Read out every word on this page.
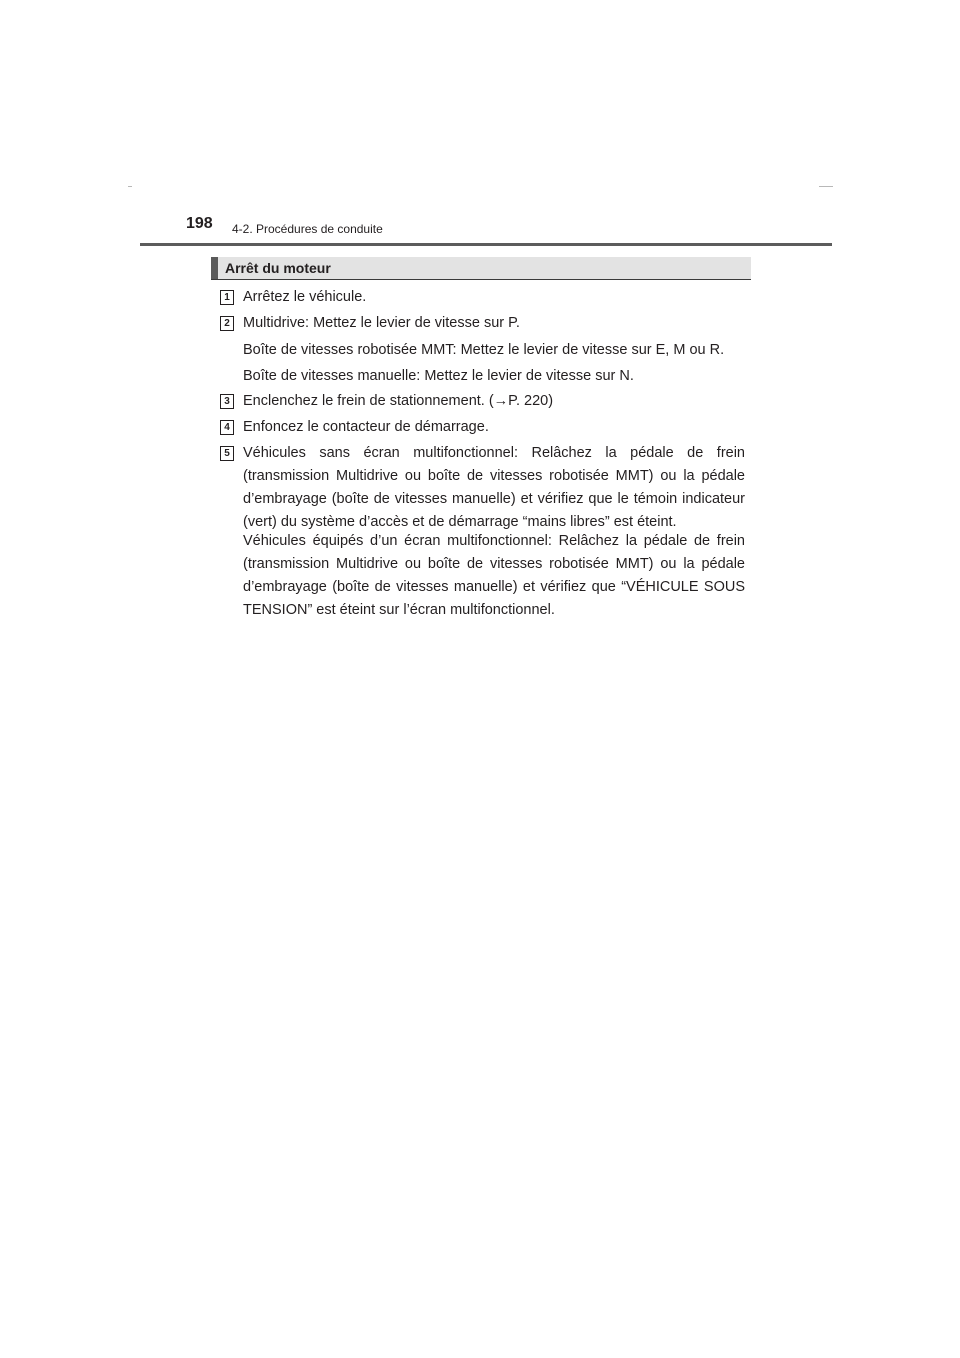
198 4-2. Procédures de conduite
Arrêt du moteur
1 Arrêtez le véhicule.
2 Multidrive: Mettez le levier de vitesse sur P.
Boîte de vitesses robotisée MMT: Mettez le levier de vitesse sur E, M ou R.
Boîte de vitesses manuelle: Mettez le levier de vitesse sur N.
3 Enclenchez le frein de stationnement. (→P. 220)
4 Enfoncez le contacteur de démarrage.
5 Véhicules sans écran multifonctionnel: Relâchez la pédale de frein (transmission Multidrive ou boîte de vitesses robotisée MMT) ou la pédale d’embrayage (boîte de vitesses manuelle) et vérifiez que le témoin indicateur (vert) du système d’accès et de démarrage “mains libres” est éteint.
Véhicules équipés d’un écran multifonctionnel: Relâchez la pédale de frein (transmission Multidrive ou boîte de vitesses robotisée MMT) ou la pédale d’embrayage (boîte de vitesses manuelle) et vérifiez que “VÉHICULE SOUS TENSION” est éteint sur l’écran multifonctionnel.
